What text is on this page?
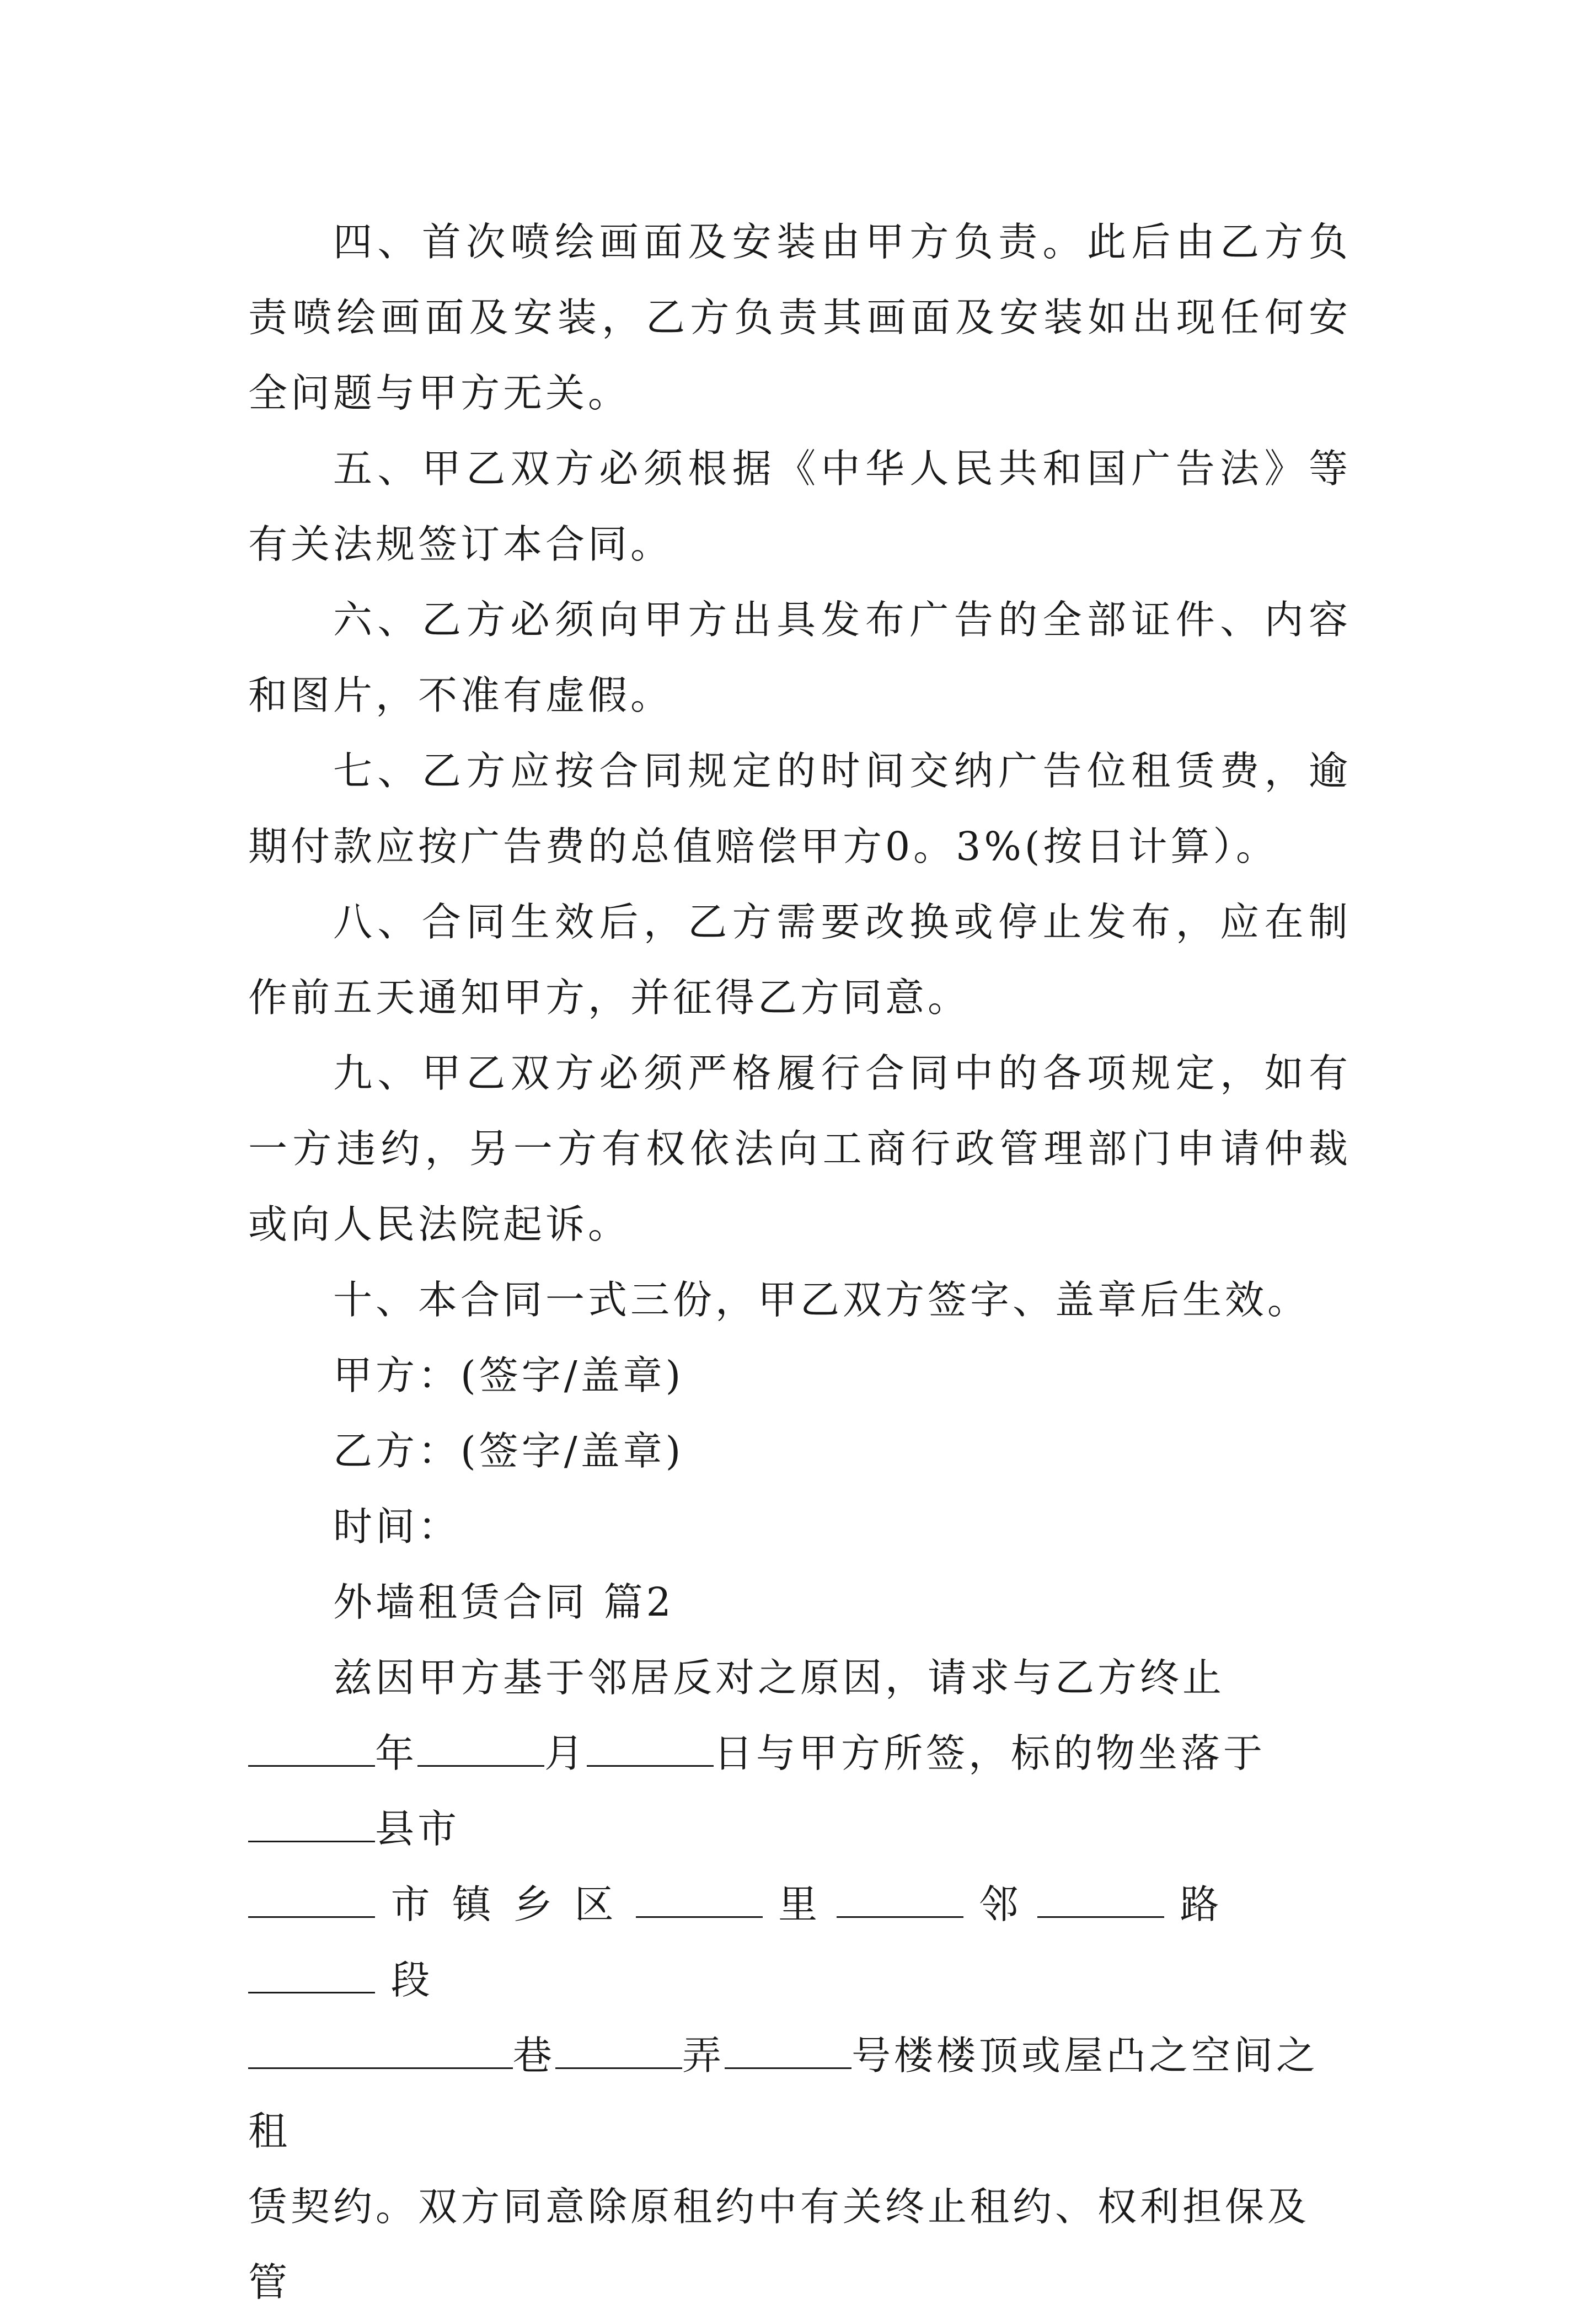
四、首次喷绘画面及安装由甲方负责。此后由乙方负责喷绘画面及安装，乙方负责其画面及安装如出现任何安全问题与甲方无关。

五、甲乙双方必须根据《中华人民共和国广告法》等有关法规签订本合同。

六、乙方必须向甲方出具发布广告的全部证件、内容和图片，不准有虚假。

七、乙方应按合同规定的时间交纳广告位租赁费，逾期付款应按广告费的总值赔偿甲方0。3%(按日计算）。

八、合同生效后，乙方需要改换或停止发布，应在制作前五天通知甲方，并征得乙方同意。

九、甲乙双方必须严格履行合同中的各项规定，如有一方违约，另一方有权依法向工商行政管理部门申请仲裁或向人民法院起诉。

十、本合同一式三份，甲乙双方签字、盖章后生效。

甲方：(签字/盖章)

乙方：(签字/盖章)

时间：

外墙租赁合同 篇2

兹因甲方基于邻居反对之原因，请求与乙方终止年	月	日与甲方所签，标的物坐落于县市
市镇乡区	里	邻	路  段
巷	弄	号楼楼顶或屋凸之空间之租
赁契约。双方同意除原租约中有关终止租约、权利担保及管
